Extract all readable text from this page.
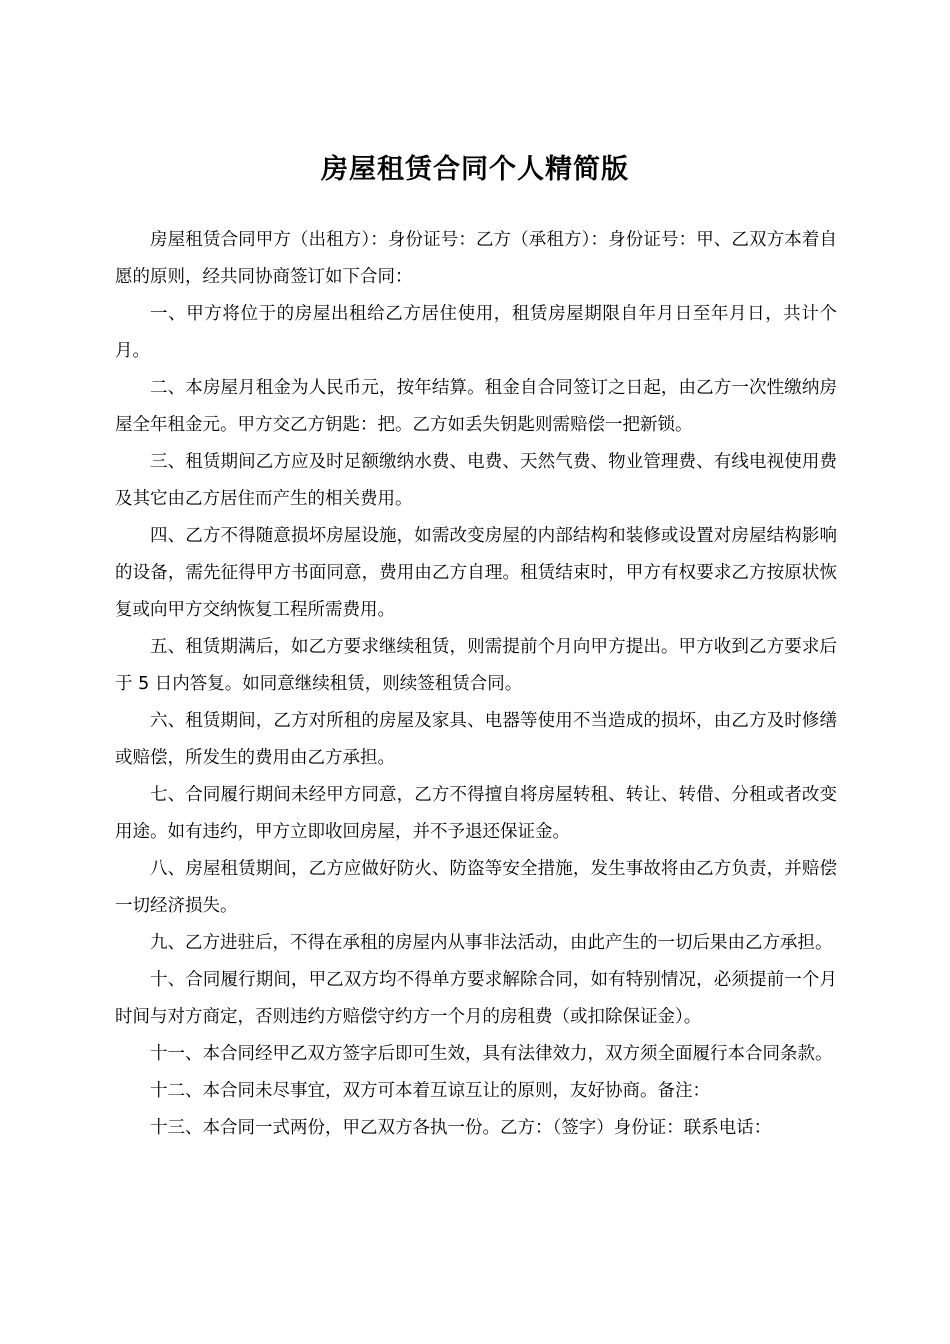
房屋租赁合同个人精简版

房屋租赁合同甲方（出租方）：身份证号：乙方（承租方）：身份证号：甲、乙双方本着自愿的原则，经共同协商签订如下合同：

一、甲方将位于的房屋出租给乙方居住使用，租赁房屋期限自年月日至年月日，共计个月。

二、本房屋月租金为人民币元，按年结算。租金自合同签订之日起，由乙方一次性缴纳房屋全年租金元。甲方交乙方钥匙：把。乙方如丢失钥匙则需赔偿一把新锁。

三、租赁期间乙方应及时足额缴纳水费、电费、天然气费、物业管理费、有线电视使用费及其它由乙方居住而产生的相关费用。

四、乙方不得随意损坏房屋设施，如需改变房屋的内部结构和装修或设置对房屋结构影响的设备，需先征得甲方书面同意，费用由乙方自理。租赁结束时，甲方有权要求乙方按原状恢复或向甲方交纳恢复工程所需费用。

五、租赁期满后，如乙方要求继续租赁，则需提前个月向甲方提出。甲方收到乙方要求后于 5 日内答复。如同意继续租赁，则续签租赁合同。

六、租赁期间，乙方对所租的房屋及家具、电器等使用不当造成的损坏，由乙方及时修缮或赔偿，所发生的费用由乙方承担。

七、合同履行期间未经甲方同意，乙方不得擅自将房屋转租、转让、转借、分租或者改变用途。如有违约，甲方立即收回房屋，并不予退还保证金。

八、房屋租赁期间，乙方应做好防火、防盗等安全措施，发生事故将由乙方负责，并赔偿一切经济损失。

九、乙方进驻后，不得在承租的房屋内从事非法活动，由此产生的一切后果由乙方承担。

十、合同履行期间，甲乙双方均不得单方要求解除合同，如有特别情况，必须提前一个月时间与对方商定，否则违约方赔偿守约方一个月的房租费（或扣除保证金）。

十一、本合同经甲乙双方签字后即可生效，具有法律效力，双方须全面履行本合同条款。

十二、本合同未尽事宜，双方可本着互谅互让的原则，友好协商。备注：

十三、本合同一式两份，甲乙双方各执一份。乙方：（签字）身份证：联系电话：
